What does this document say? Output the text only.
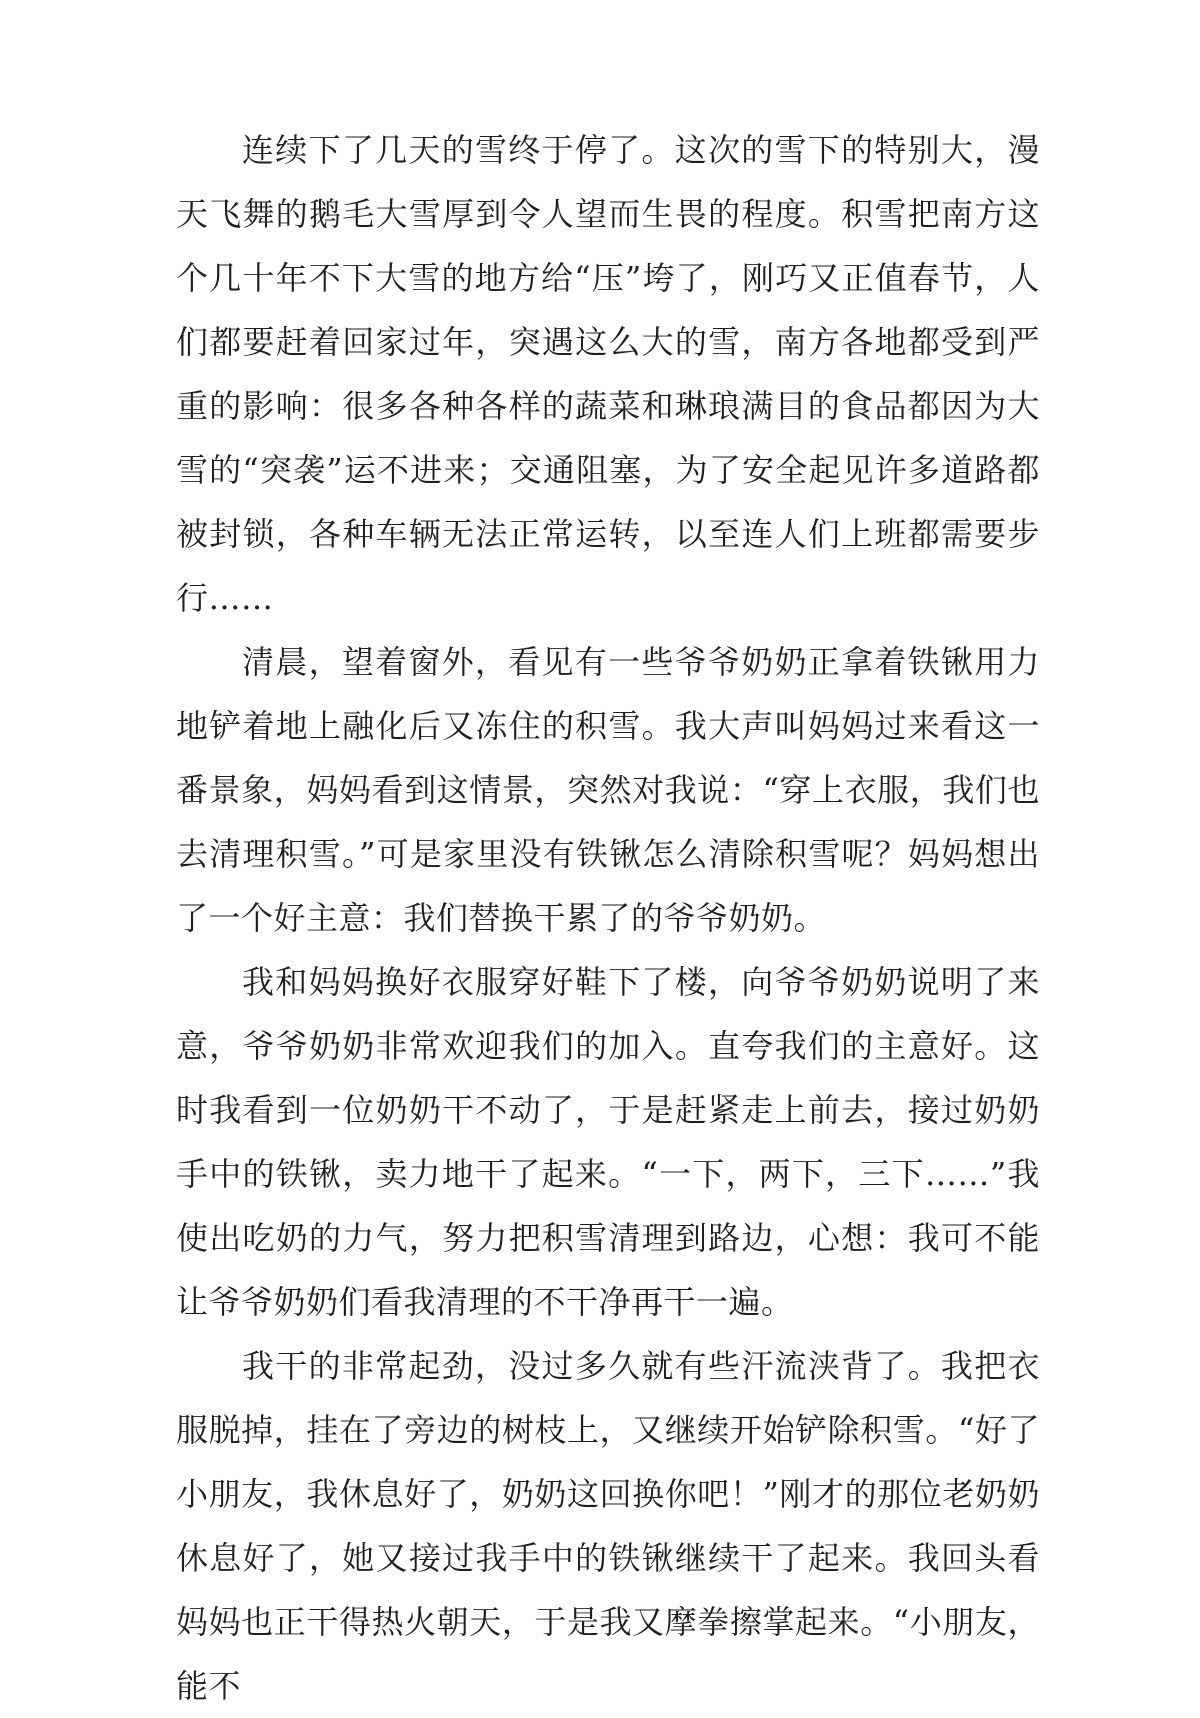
连续下了几天的雪终于停了。这次的雪下的特别大，漫天飞舞的鹅毛大雪厚到令人望而生畏的程度。积雪把南方这个几十年不下大雪的地方给“压”垮了，刚巧又正值春节，人们都要赶着回家过年，突遇这么大的雪，南方各地都受到严重的影响：很多各种各样的蔬菜和琳琅满目的食品都因为大雪的“突袭”运不进来；交通阻塞，为了安全起见许多道路都被封锁，各种车辆无法正常运转，以至连人们上班都需要步行……

清晨，望着窗外，看见有一些爷爷奶奶正拿着铁锹用力地铲着地上融化后又冻住的积雪。我大声叫妈妈过来看这一番景象，妈妈看到这情景，突然对我说：“穿上衣服，我们也去清理积雪。”可是家里没有铁锹怎么清除积雪呢？妈妈想出了一个好主意：我们替换干累了的爷爷奶奶。

我和妈妈换好衣服穿好鞋下了楼，向爷爷奶奶说明了来意，爷爷奶奶非常欢迎我们的加入。直夸我们的主意好。这时我看到一位奶奶干不动了，于是赶紧走上前去，接过奶奶手中的铁锹，卖力地干了起来。“一下，两下，三下……”我使出吃奶的力气，努力把积雪清理到路边，心想：我可不能让爷爷奶奶们看我清理的不干净再干一遍。

我干的非常起劲，没过多久就有些汗流浃背了。我把衣服脱掉，挂在了旁边的树枝上，又继续开始铲除积雪。“好了小朋友，我休息好了，奶奶这回换你吧！”刚才的那位老奶奶休息好了，她又接过我手中的铁锹继续干了起来。我回头看妈妈也正干得热火朝天，于是我又摩拳擦掌起来。“小朋友，能不
